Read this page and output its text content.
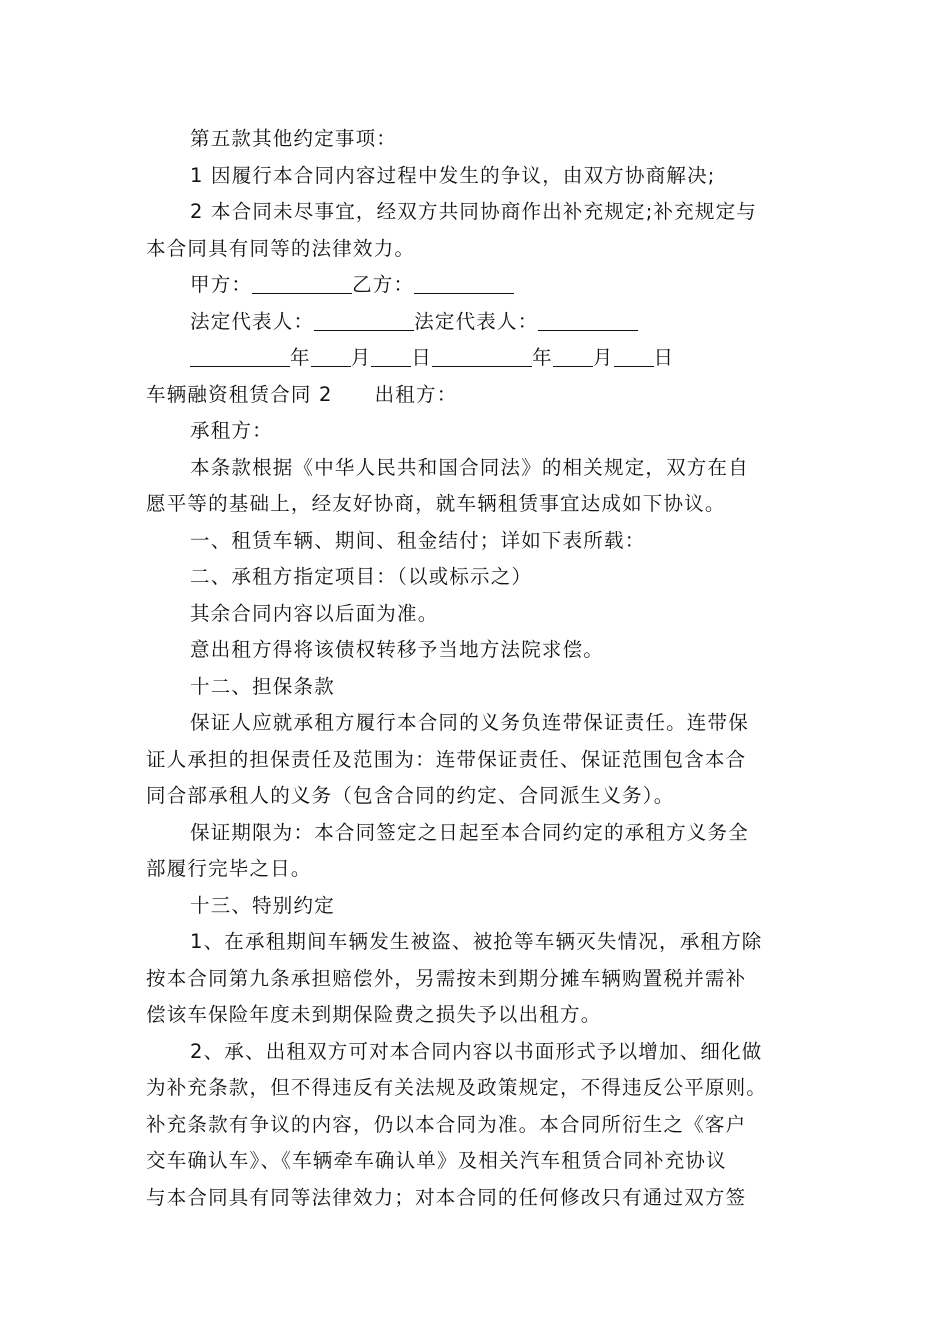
第五款其他约定事项：

1 因履行本合同内容过程中发生的争议，由双方协商解决;

2 本合同未尽事宜，经双方共同协商作出补充规定;补充规定与

本合同具有同等的法律效力。

甲方：	乙方：

法定代表人：	法定代表人：

年 月 日	年 月 日

车辆融资租赁合同 2 出租方：

承租方：

本条款根据《中华人民共和国合同法》的相关规定，双方在自

愿平等的基础上，经友好协商，就车辆租赁事宜达成如下协议。

一、租赁车辆、期间、租金结付；详如下表所载：

二、承租方指定项目：（以或标示之）

其余合同内容以后面为准。

意出租方得将该债权转移予当地方法院求偿。

十二、担保条款

保证人应就承租方履行本合同的义务负连带保证责任。连带保

证人承担的担保责任及范围为：连带保证责任、保证范围包含本合

同合部承租人的义务（包含合同的约定、合同派生义务）。

保证期限为：本合同签定之日起至本合同约定的承租方义务全

部履行完毕之日。

十三、特别约定

1、在承租期间车辆发生被盗、被抢等车辆灭失情况，承租方除

按本合同第九条承担赔偿外，另需按未到期分摊车辆购置税并需补

偿该车保险年度未到期保险费之损失予以出租方。

2、承、出租双方可对本合同内容以书面形式予以增加、细化做

为补充条款，但不得违反有关法规及政策规定，不得违反公平原则。

补充条款有争议的内容，仍以本合同为准。本合同所衍生之《客户

交车确认车》、《车辆牵车确认单》及相关汽车租赁合同补充协议

与本合同具有同等法律效力；对本合同的任何修改只有通过双方签
